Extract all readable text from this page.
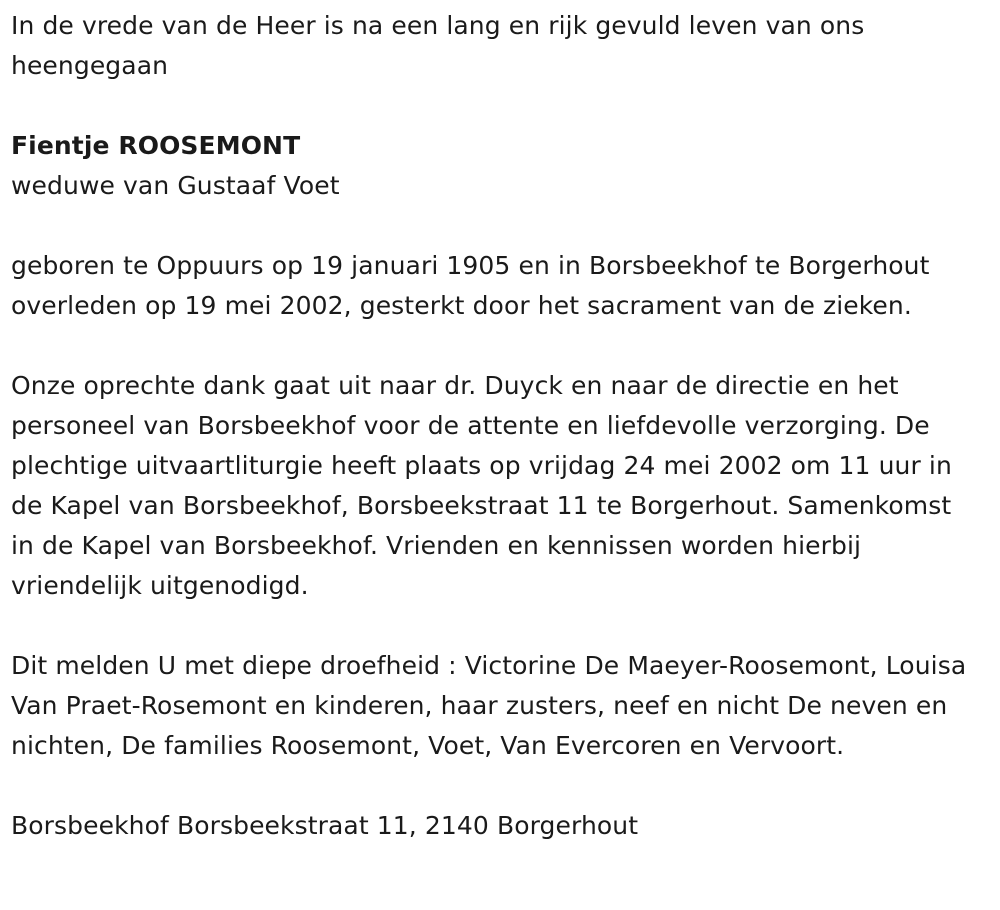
In de vrede van de Heer is na een lang en rijk gevuld leven van ons heengegaan

Fientje ROOSEMONT

weduwe van Gustaaf Voet

geboren te Oppuurs op 19 januari 1905 en in Borsbeekhof te Borgerhout overleden op 19 mei 2002, gesterkt door het sacrament van de zieken.

Onze oprechte dank gaat uit naar dr. Duyck en naar de directie en het personeel van Borsbeekhof voor de attente en liefdevolle verzorging. De plechtige uitvaartliturgie heeft plaats op vrijdag 24 mei 2002 om 11 uur in de Kapel van Borsbeekhof, Borsbeekstraat 11 te Borgerhout. Samenkomst in de Kapel van Borsbeekhof. Vrienden en kennissen worden hierbij vriendelijk uitgenodigd.

Dit melden U met diepe droefheid : Victorine De Maeyer-Roosemont, Louisa Van Praet-Rosemont en kinderen, haar zusters, neef en nicht De neven en nichten, De families Roosemont, Voet, Van Evercoren en Vervoort.

Borsbeekhof Borsbeekstraat 11, 2140 Borgerhout
